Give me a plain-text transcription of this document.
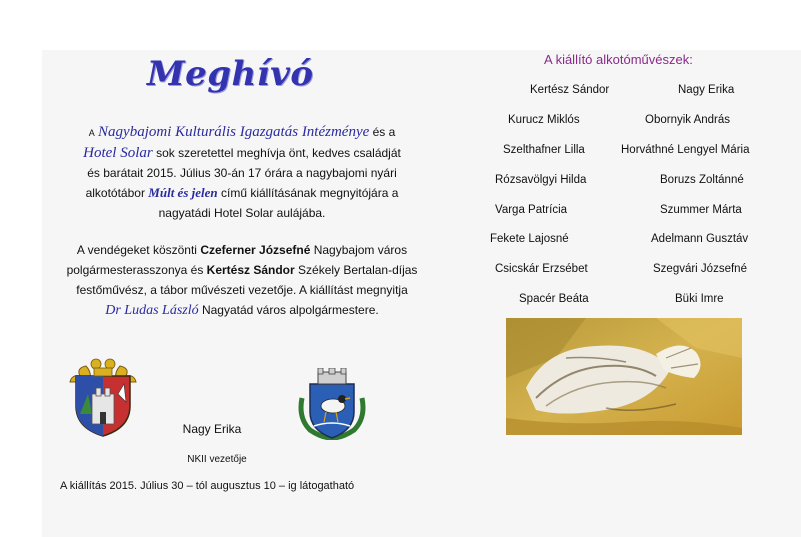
Meghívó
A Nagybajomi Kulturális Igazgatás Intézménye és a
Hotel Solar sok szeretettel meghívja önt, kedves családját
és barátait 2015. Július 30-án 17 órára a nagybajomi nyári
alkotótábor Múlt és jelen című kiállításának megnyitójára a
nagyatádi Hotel Solar aulájába.
A vendégeket köszönti Czeferner Józsefné Nagybajom város
polgármesterasszonya és Kertész Sándor Székely Bertalan-díjas
festőművész, a tábor művészeti vezetője. A kiállítást megnyitja
Dr Ludas László Nagyatád város alpolgármestere.
Nagy Erika
NKII vezetője
A kiállítás 2015. Július 30 – tól augusztus 10 – ig látogatható
A kiállító alkotóművészek:
Kertész Sándor
Kurucz Miklós
Szelthafner Lilla
Rózsavölgyi Hilda
Varga Patrícia
Fekete Lajosné
Csicskár Erzsébet
Spacér Beáta
Nagy Erika
Obornyik András
Horváthné Lengyel Mária
Boruzs Zoltánné
Szummer Márta
Adelmann Gusztáv
Szegvári Józsefné
Büki Imre
